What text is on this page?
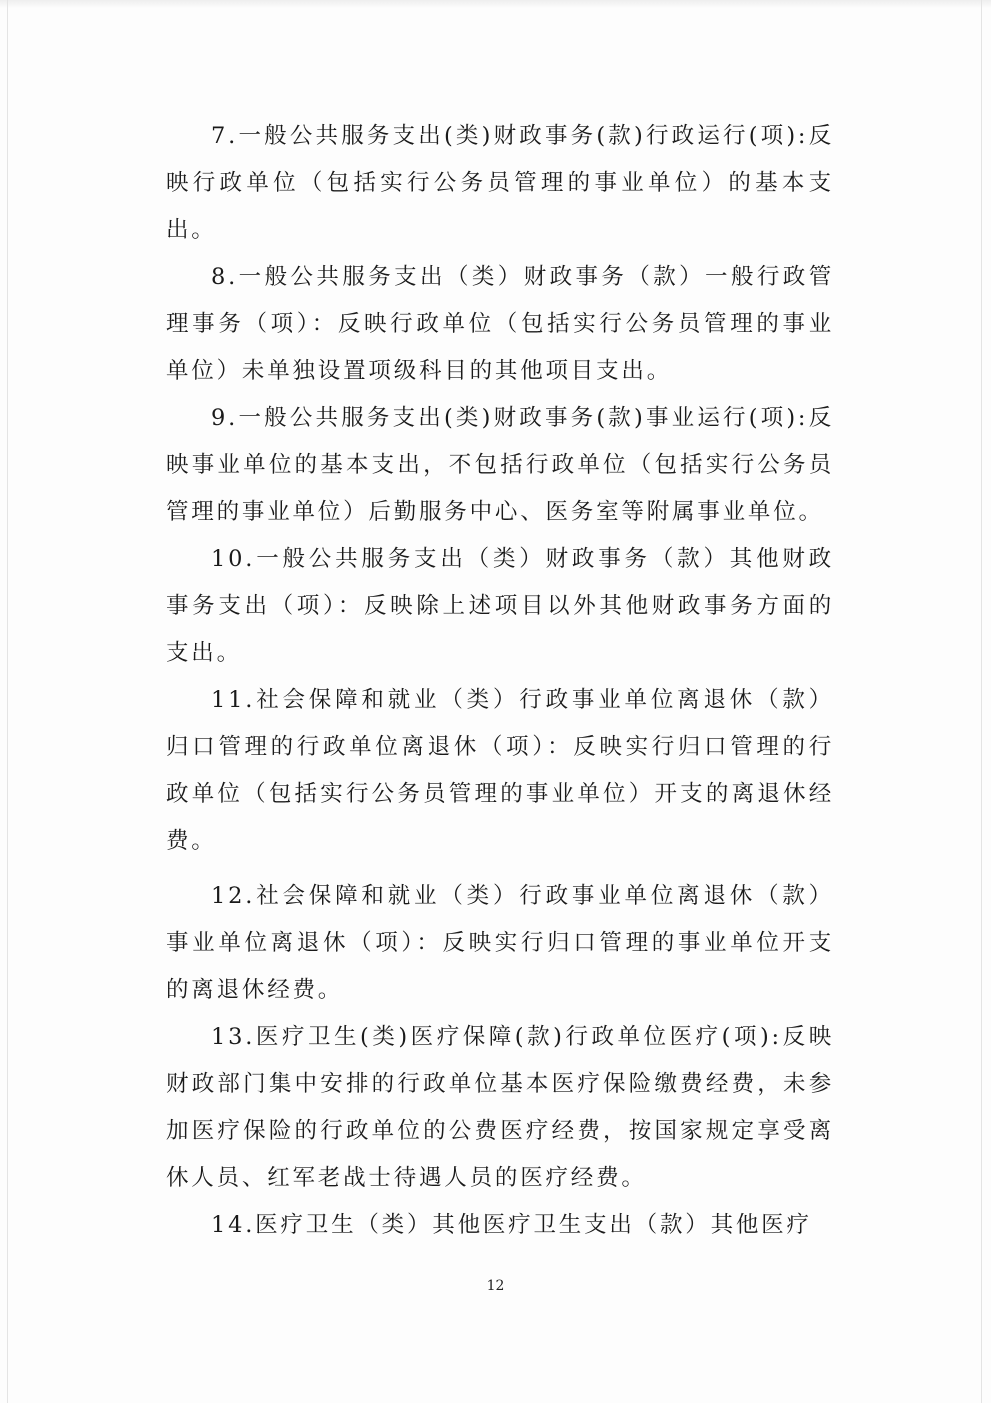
7.一般公共服务支出(类)财政事务(款)行政运行(项):反映行政单位（包括实行公务员管理的事业单位）的基本支出。

8.一般公共服务支出（类）财政事务（款）一般行政管理事务（项）：反映行政单位（包括实行公务员管理的事业单位）未单独设置项级科目的其他项目支出。

9.一般公共服务支出(类)财政事务(款)事业运行(项):反映事业单位的基本支出，不包括行政单位（包括实行公务员管理的事业单位）后勤服务中心、医务室等附属事业单位。

10.一般公共服务支出（类）财政事务（款）其他财政事务支出（项）：反映除上述项目以外其他财政事务方面的支出。

11.社会保障和就业（类）行政事业单位离退休（款）归口管理的行政单位离退休（项）：反映实行归口管理的行政单位（包括实行公务员管理的事业单位）开支的离退休经费。

12.社会保障和就业（类）行政事业单位离退休（款）事业单位离退休（项）：反映实行归口管理的事业单位开支的离退休经费。

13.医疗卫生(类)医疗保障(款)行政单位医疗(项):反映财政部门集中安排的行政单位基本医疗保险缴费经费，未参加医疗保险的行政单位的公费医疗经费，按国家规定享受离休人员、红军老战士待遇人员的医疗经费。

14.医疗卫生（类）其他医疗卫生支出（款）其他医疗

12
